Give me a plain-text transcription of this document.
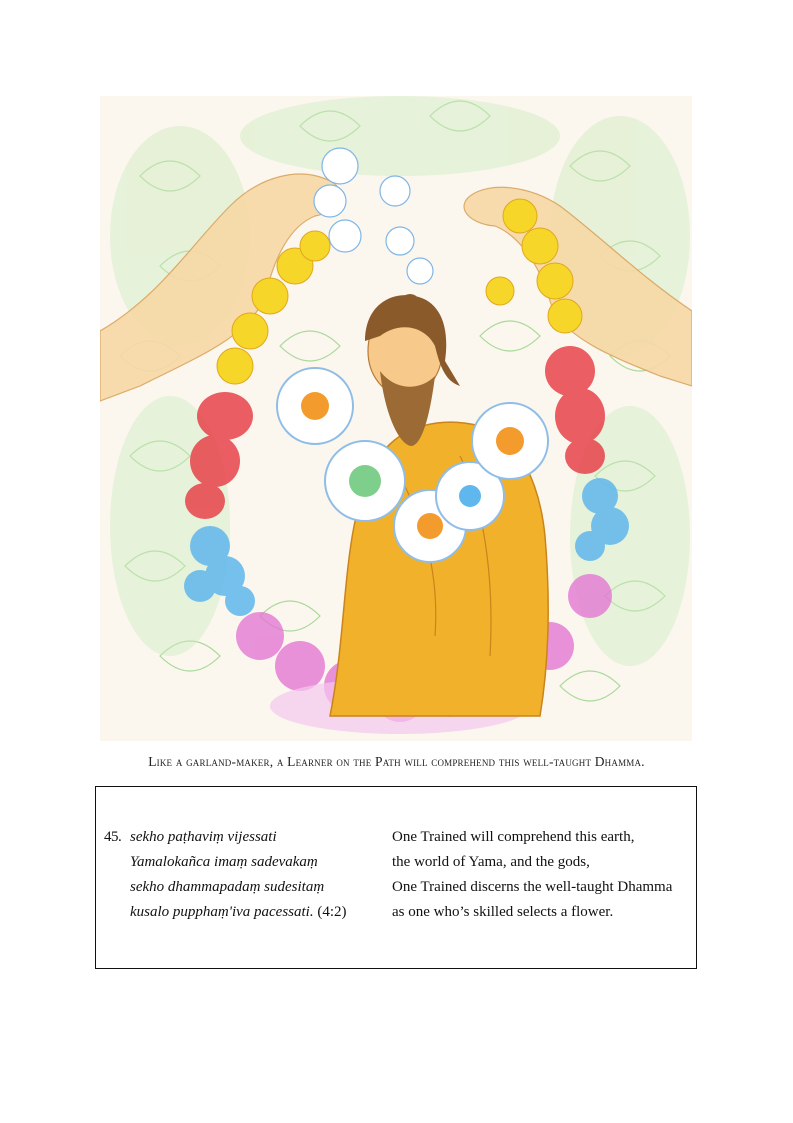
Like a garland-maker, a Learner on the Path will comprehend this well-taught Dhamma.
45. sekho paṭhaviṃ vijessati
Yamalokañca imaṃ sadevakaṃ
sekho dhammapadaṃ sudesitaṃ
kusalo pupphaṃ'iva pacessati. (4:2)
One Trained will comprehend this earth,
the world of Yama, and the gods,
One Trained discerns the well-taught Dhamma
as one who’s skilled selects a flower.
